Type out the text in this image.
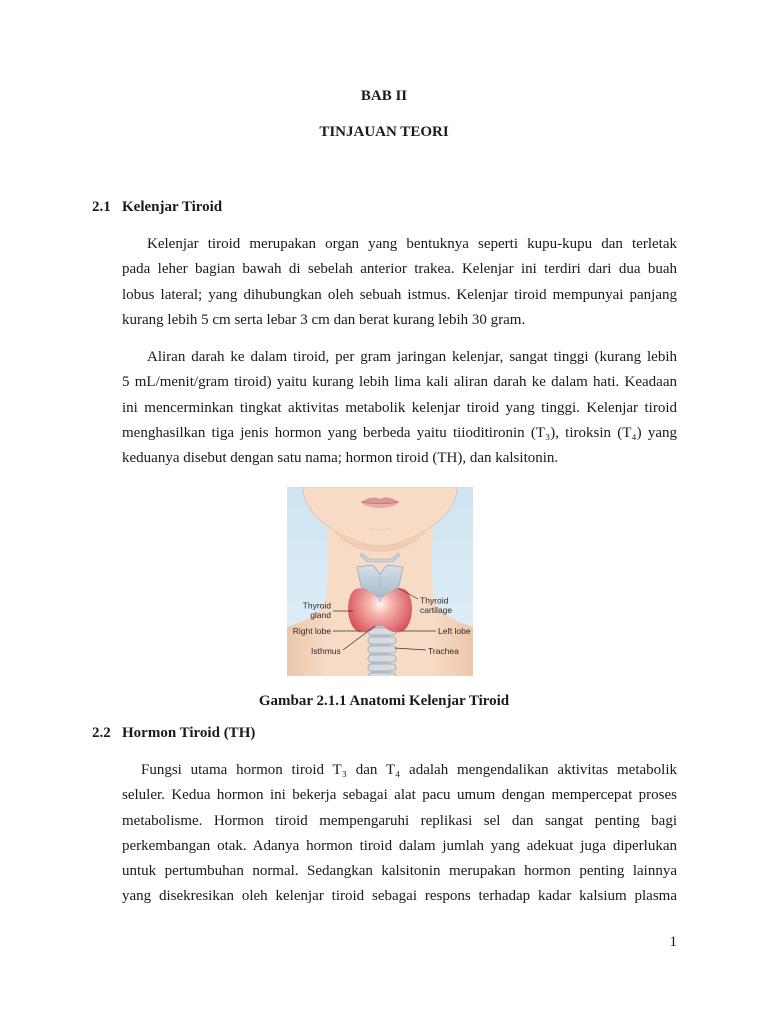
BAB II
TINJAUAN TEORI
2.1 Kelenjar Tiroid
Kelenjar tiroid merupakan organ yang bentuknya seperti kupu-kupu dan terletak
pada leher bagian bawah di sebelah anterior trakea. Kelenjar ini terdiri dari dua buah
lobus lateral; yang dihubungkan oleh sebuah istmus. Kelenjar tiroid mempunyai panjang
kurang lebih 5 cm serta lebar 3 cm dan berat kurang lebih 30 gram.
Aliran darah ke dalam tiroid, per gram jaringan kelenjar, sangat tinggi (kurang lebih
5 mL/menit/gram tiroid) yaitu kurang lebih lima kali aliran darah ke dalam hati. Keadaan
ini mencerminkan tingkat aktivitas metabolik kelenjar tiroid yang tinggi. Kelenjar tiroid
menghasilkan tiga jenis hormon yang berbeda yaitu tiioditironin (T₃), tiroksin (T₄) yang
keduanya disebut dengan satu nama; hormon tiroid (TH), dan kalsitonin.
Thyroid
gland
Right lobe
Isthmus
Thyroid
cartilage
Left lobe
Trachea
Gambar 2.1.1 Anatomi Kelenjar Tiroid
2.2 Hormon Tiroid (TH)
Fungsi utama hormon tiroid T₃ dan T₄ adalah mengendalikan aktivitas metabolik
seluler. Kedua hormon ini bekerja sebagai alat pacu umum dengan mempercepat proses
metabolisme. Hormon tiroid mempengaruhi replikasi sel dan sangat penting bagi
perkembangan otak. Adanya hormon tiroid dalam jumlah yang adekuat juga diperlukan
untuk pertumbuhan normal. Sedangkan kalsitonin merupakan hormon penting lainnya
yang disekresikan oleh kelenjar tiroid sebagai respons terhadap kadar kalsium plasma
1
